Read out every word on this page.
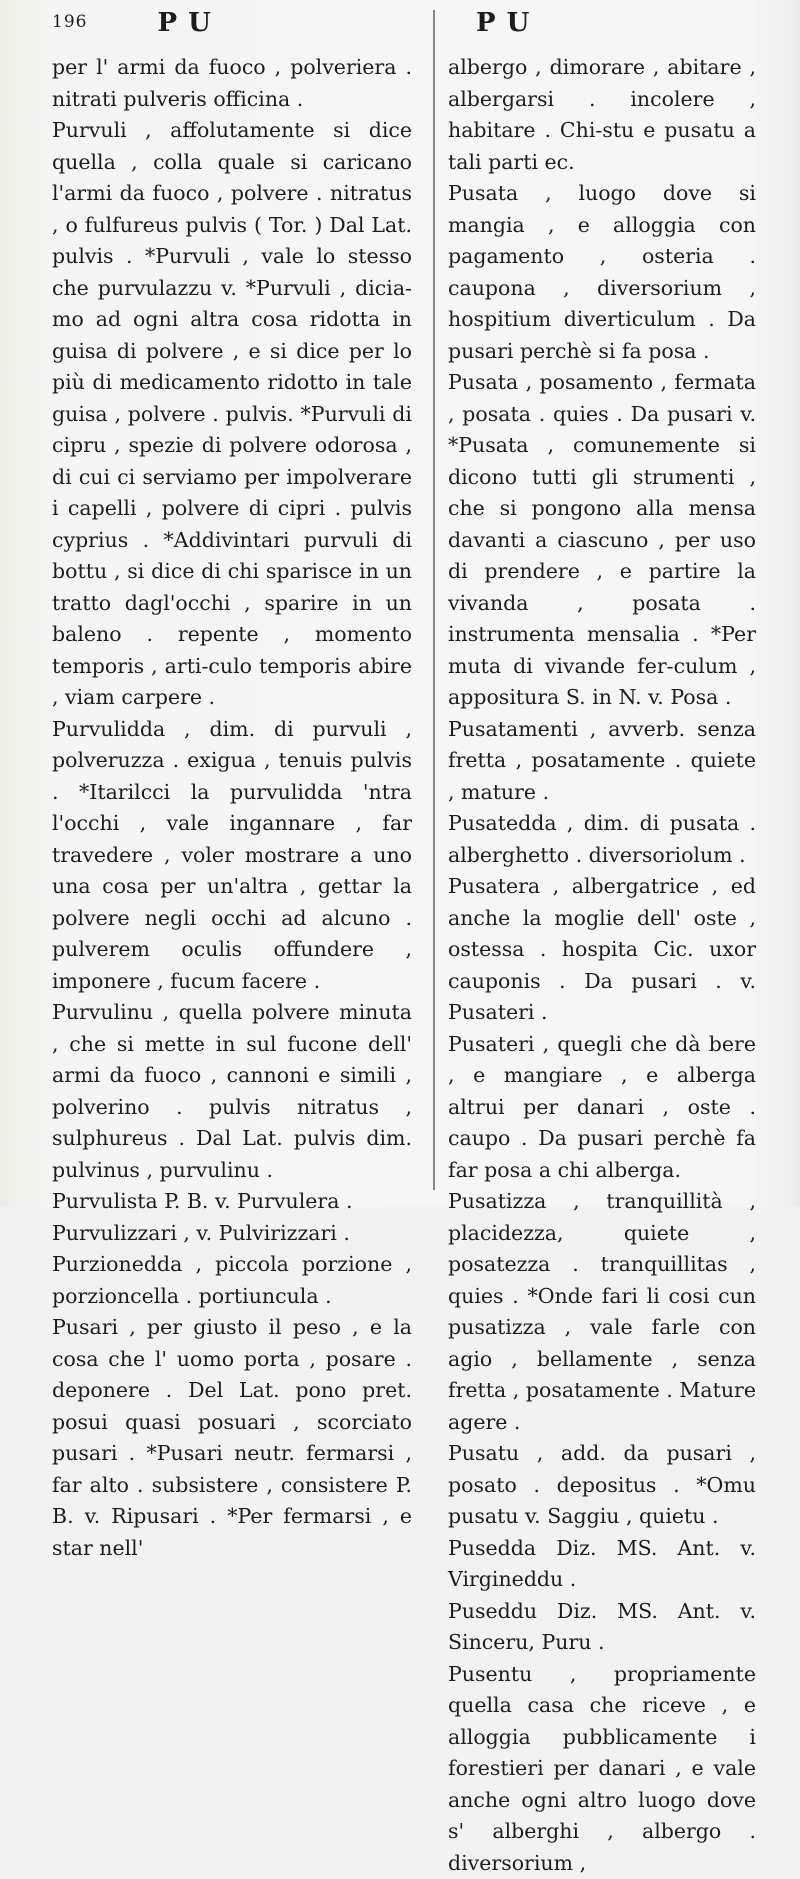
196	P U	P U

per l' armi da fuoco , polveriera . nitrati pulveris officina .

Purvuli , affolutamente si dice quella , colla quale si caricano l'armi da fuoco , polvere . nitratus , o fulfureus pulvis ( Tor. ) Dal Lat. pulvis . *Purvuli , vale lo stesso che purvulazzu v. *Purvuli , dicia-mo ad ogni altra cosa ridotta in guisa di polvere , e si dice per lo più di medicamento ridotto in tale guisa , polvere . pulvis. *Purvuli di cipru , spezie di polvere odorosa , di cui ci serviamo per impolverare i capelli , polvere di cipri . pulvis cyprius . *Addivintari purvuli di bottu , si dice di chi sparisce in un tratto dagl'occhi , sparire in un baleno . repente , momento temporis , arti-culo temporis abire , viam carpere .

Purvulidda , dim. di purvuli , polveruzza . exigua , tenuis pulvis . *Itarilcci la purvulidda 'ntra l'occhi , vale ingannare , far travedere , voler mostrare a uno una cosa per un'altra , gettar la polvere negli occhi ad alcuno . pulverem oculis offundere , imponere , fucum facere .

Purvulinu , quella polvere minuta , che si mette in sul fucone dell' armi da fuoco , cannoni e simili , polverino . pulvis nitratus , sulphureus . Dal Lat. pulvis dim. pulvinus , purvulinu .

Purvulista P. B. v. Purvulera .

Purvulizzari , v. Pulvirizzari .

Purzionedda , piccola porzione , porzioncella . portiuncula .

Pusari , per giusto il peso , e la cosa che l' uomo porta , posare . deponere . Del Lat. pono pret. posui quasi posuari , scorciato pusari . *Pusari neutr. fermarsi , far alto . subsistere , consistere P. B. v. Ripusari . *Per fermarsi , e star nell'

albergo , dimorare , abitare , albergarsi . incolere , habitare . Chi-stu e pusatu a tali parti ec.

Pusata , luogo dove si mangia , e alloggia con pagamento , osteria . caupona , diversorium , hospitium diverticulum . Da pusari perchè si fa posa .

Pusata , posamento , fermata , posata . quies . Da pusari v. *Pusata , comunemente si dicono tutti gli strumenti , che si pongono alla mensa davanti a ciascuno , per uso di prendere , e partire la vivanda , posata . instrumenta mensalia . *Per muta di vivande fer-culum , appositura S. in N. v. Posa .

Pusatamenti , avverb. senza fretta , posatamente . quiete , mature .

Pusatedda , dim. di pusata . alberghetto . diversoriolum .

Pusatera , albergatrice , ed anche la moglie dell' oste , ostessa . hospita Cic. uxor cauponis . Da pusari . v. Pusateri .

Pusateri , quegli che dà bere , e mangiare , e alberga altrui per danari , oste . caupo . Da pusari perchè fa far posa a chi alberga.

Pusatizza , tranquillità , placidezza, quiete , posatezza . tranquillitas , quies . *Onde fari li cosi cun pusatizza , vale farle con agio , bellamente , senza fretta , posatamente . Mature agere .

Pusatu , add. da pusari , posato . depositus . *Omu pusatu v. Saggiu , quietu .

Pusedda Diz. MS. Ant. v. Virgineddu .

Puseddu Diz. MS. Ant. v. Sinceru, Puru .

Pusentu , propriamente quella casa che riceve , e alloggia pubblicamente i forestieri per danari , e vale anche ogni altro luogo dove s' alberghi , albergo . diversorium ,
